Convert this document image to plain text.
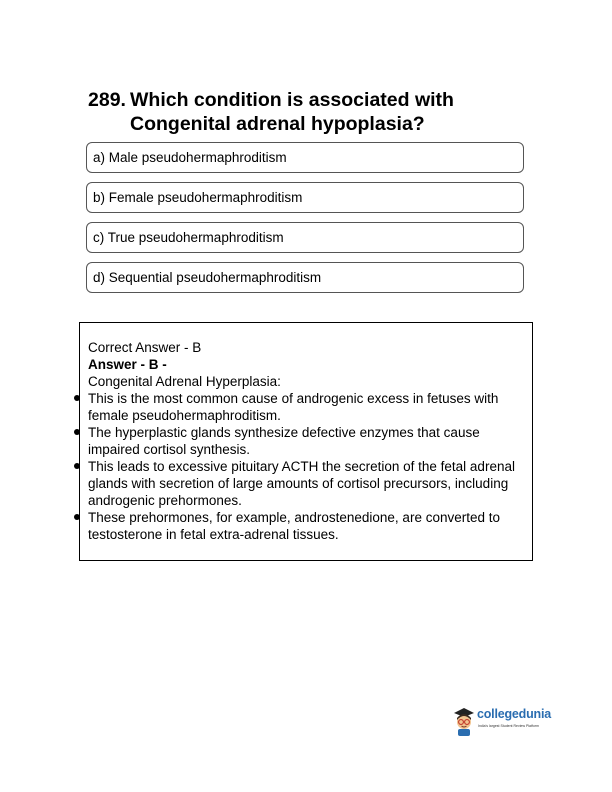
289. Which condition is associated with
Congenital adrenal hypoplasia?
a) Male pseudohermaphroditism
b) Female pseudohermaphroditism
c) True pseudohermaphroditism
d) Sequential pseudohermaphroditism

Correct Answer - B

Answer - B -

Congenital Adrenal Hyperplasia:

This is the most common cause of androgenic excess in fetuses with female pseudohermaphroditism.
The hyperplastic glands synthesize defective enzymes that cause impaired cortisol synthesis.
This leads to excessive pituitary ACTH the secretion of the fetal adrenal glands with secretion of large amounts of cortisol precursors, including androgenic prehormones.
These prehormones, for example, androstenedione, are converted to testosterone in fetal extra-adrenal tissues.
collegedunia
India's largest Student Review Platform
